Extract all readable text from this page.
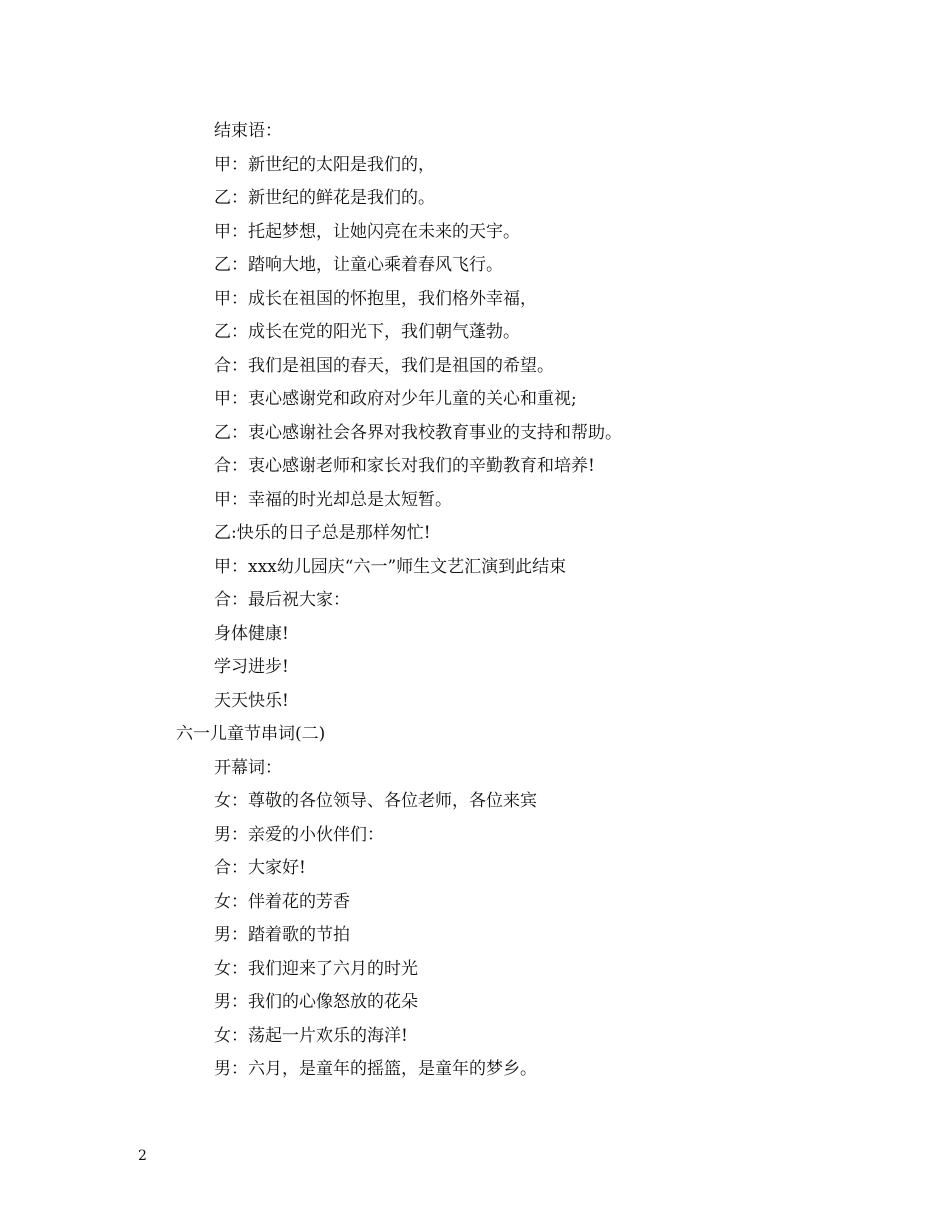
结束语：
甲：新世纪的太阳是我们的，
乙：新世纪的鲜花是我们的。
甲：托起梦想，让她闪亮在未来的天宇。
乙：踏响大地，让童心乘着春风飞行。
甲：成长在祖国的怀抱里，我们格外幸福，
乙：成长在党的阳光下，我们朝气蓬勃。
合：我们是祖国的春天，我们是祖国的希望。
甲：衷心感谢党和政府对少年儿童的关心和重视;
乙：衷心感谢社会各界对我校教育事业的支持和帮助。
合：衷心感谢老师和家长对我们的辛勤教育和培养!
甲：幸福的时光却总是太短暂。
乙:快乐的日子总是那样匆忙!
甲：xxx幼儿园庆“六一”师生文艺汇演到此结束
合：最后祝大家：
身体健康!
学习进步!
天天快乐!
六一儿童节串词(二)
开幕词：
女：尊敬的各位领导、各位老师，各位来宾
男：亲爱的小伙伴们：
合：大家好!
女：伴着花的芳香
男：踏着歌的节拍
女：我们迎来了六月的时光
男：我们的心像怒放的花朵
女：荡起一片欢乐的海洋!
男：六月，是童年的摇篮，是童年的梦乡。
2
